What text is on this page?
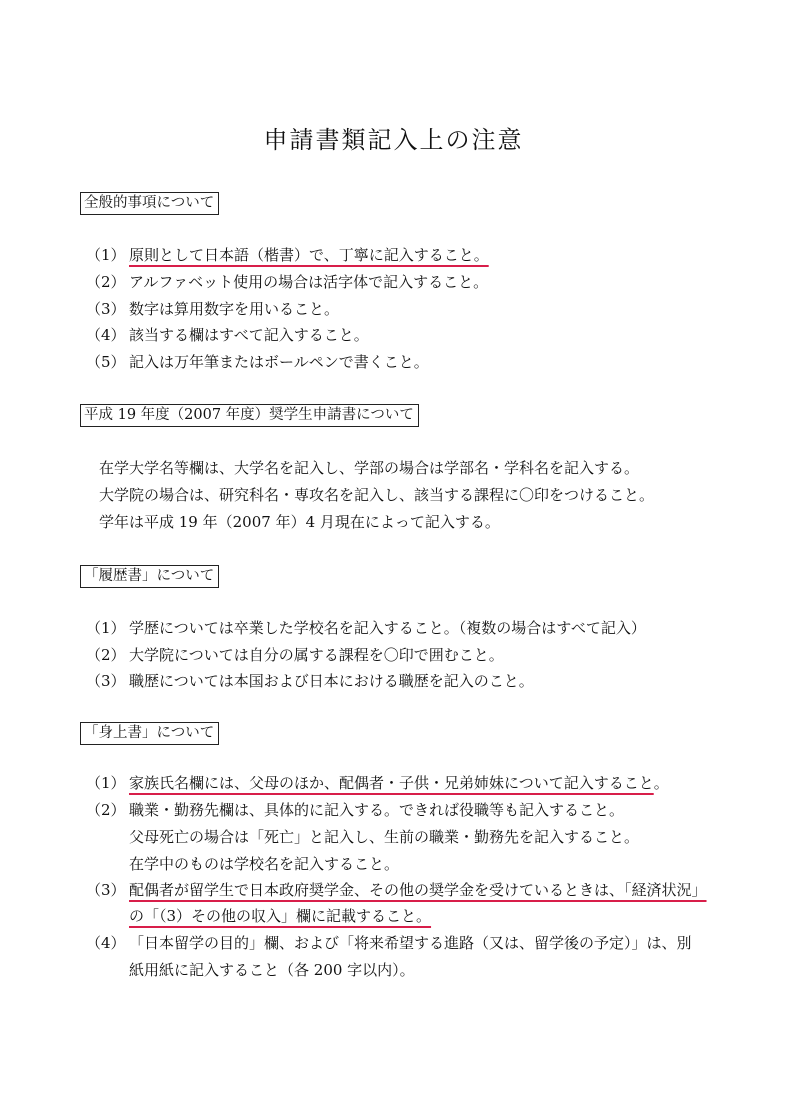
申請書類記入上の注意
全般的事項について
（1） 原則として日本語（楷書）で、丁寧に記入すること。
（2） アルファベット使用の場合は活字体で記入すること。
（3） 数字は算用数字を用いること。
（4） 該当する欄はすべて記入すること。
（5） 記入は万年筆またはボールペンで書くこと。
平成 19 年度（2007 年度）奨学生申請書について
在学大学名等欄は、大学名を記入し、学部の場合は学部名・学科名を記入する。
大学院の場合は、研究科名・専攻名を記入し、該当する課程に〇印をつけること。
学年は平成 19 年（2007 年）4 月現在によって記入する。
「履歴書」について
（1） 学歴については卒業した学校名を記入すること。（複数の場合はすべて記入）
（2） 大学院については自分の属する課程を〇印で囲むこと。
（3） 職歴については本国および日本における職歴を記入のこと。
「身上書」について
（1） 家族氏名欄には、父母のほか、配偶者・子供・兄弟姉妹について記入すること。
（2） 職業・勤務先欄は、具体的に記入する。できれば役職等も記入すること。
父母死亡の場合は「死亡」と記入し、生前の職業・勤務先を記入すること。
在学中のものは学校名を記入すること。
（3） 配偶者が留学生で日本政府奨学金、その他の奨学金を受けているときは、「経済状況」
の「（3）その他の収入」欄に記載すること。
（4） 「日本留学の目的」欄、および「将来希望する進路（又は、留学後の予定）」は、別
紙用紙に記入すること（各 200 字以内）。
